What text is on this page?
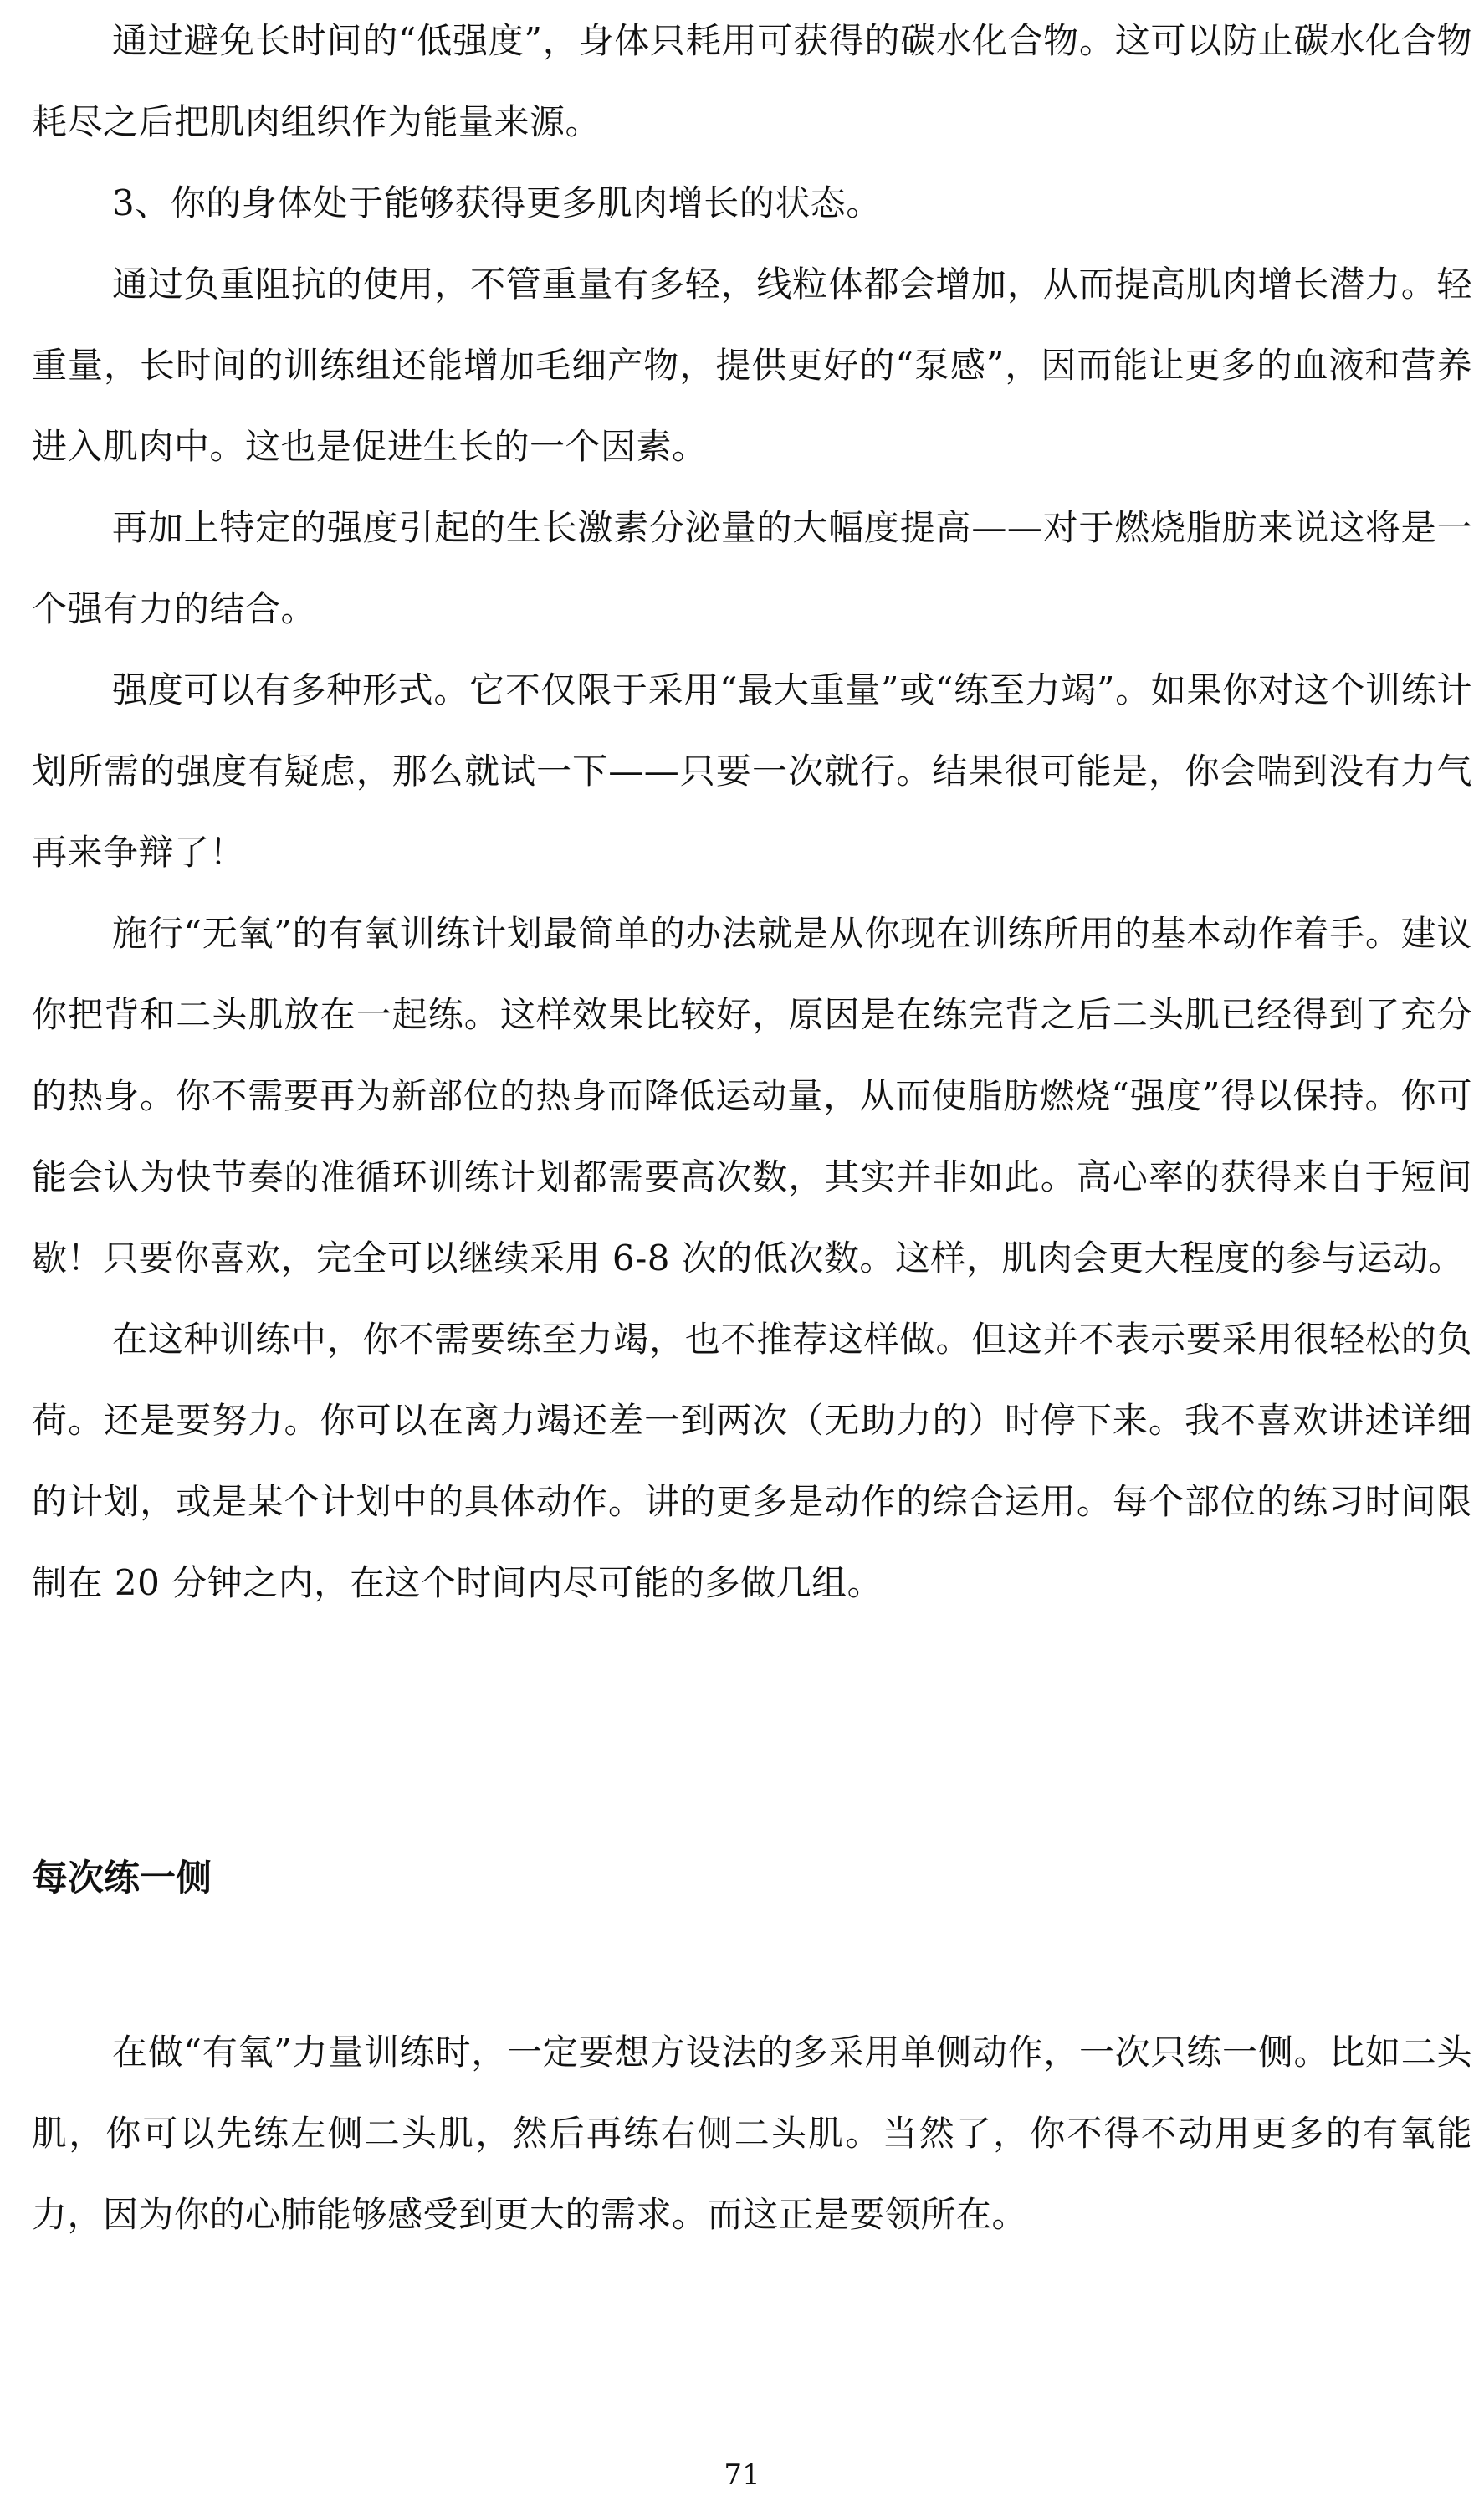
通过避免长时间的“低强度”，身体只耗用可获得的碳水化合物。这可以防止碳水化合物耗尽之后把肌肉组织作为能量来源。

3、你的身体处于能够获得更多肌肉增长的状态。

通过负重阻抗的使用，不管重量有多轻，线粒体都会增加，从而提高肌肉增长潜力。轻重量，长时间的训练组还能增加毛细产物，提供更好的“泵感”，因而能让更多的血液和营养进入肌肉中。这也是促进生长的一个因素。

再加上特定的强度引起的生长激素分泌量的大幅度提高——对于燃烧脂肪来说这将是一个强有力的结合。

强度可以有多种形式。它不仅限于采用“最大重量”或“练至力竭”。如果你对这个训练计划所需的强度有疑虑，那么就试一下——只要一次就行。结果很可能是，你会喘到没有力气再来争辩了！

施行“无氧”的有氧训练计划最简单的办法就是从你现在训练所用的基本动作着手。建议你把背和二头肌放在一起练。这样效果比较好，原因是在练完背之后二头肌已经得到了充分的热身。你不需要再为新部位的热身而降低运动量，从而使脂肪燃烧“强度”得以保持。你可能会认为快节奏的准循环训练计划都需要高次数，其实并非如此。高心率的获得来自于短间歇！只要你喜欢，完全可以继续采用 6-8 次的低次数。这样，肌肉会更大程度的参与运动。

在这种训练中，你不需要练至力竭，也不推荐这样做。但这并不表示要采用很轻松的负荷。还是要努力。你可以在离力竭还差一到两次（无助力的）时停下来。我不喜欢讲述详细的计划，或是某个计划中的具体动作。讲的更多是动作的综合运用。每个部位的练习时间限制在 20 分钟之内，在这个时间内尽可能的多做几组。

每次练一侧

在做“有氧”力量训练时，一定要想方设法的多采用单侧动作，一次只练一侧。比如二头肌，你可以先练左侧二头肌，然后再练右侧二头肌。当然了，你不得不动用更多的有氧能力，因为你的心肺能够感受到更大的需求。而这正是要领所在。

71
